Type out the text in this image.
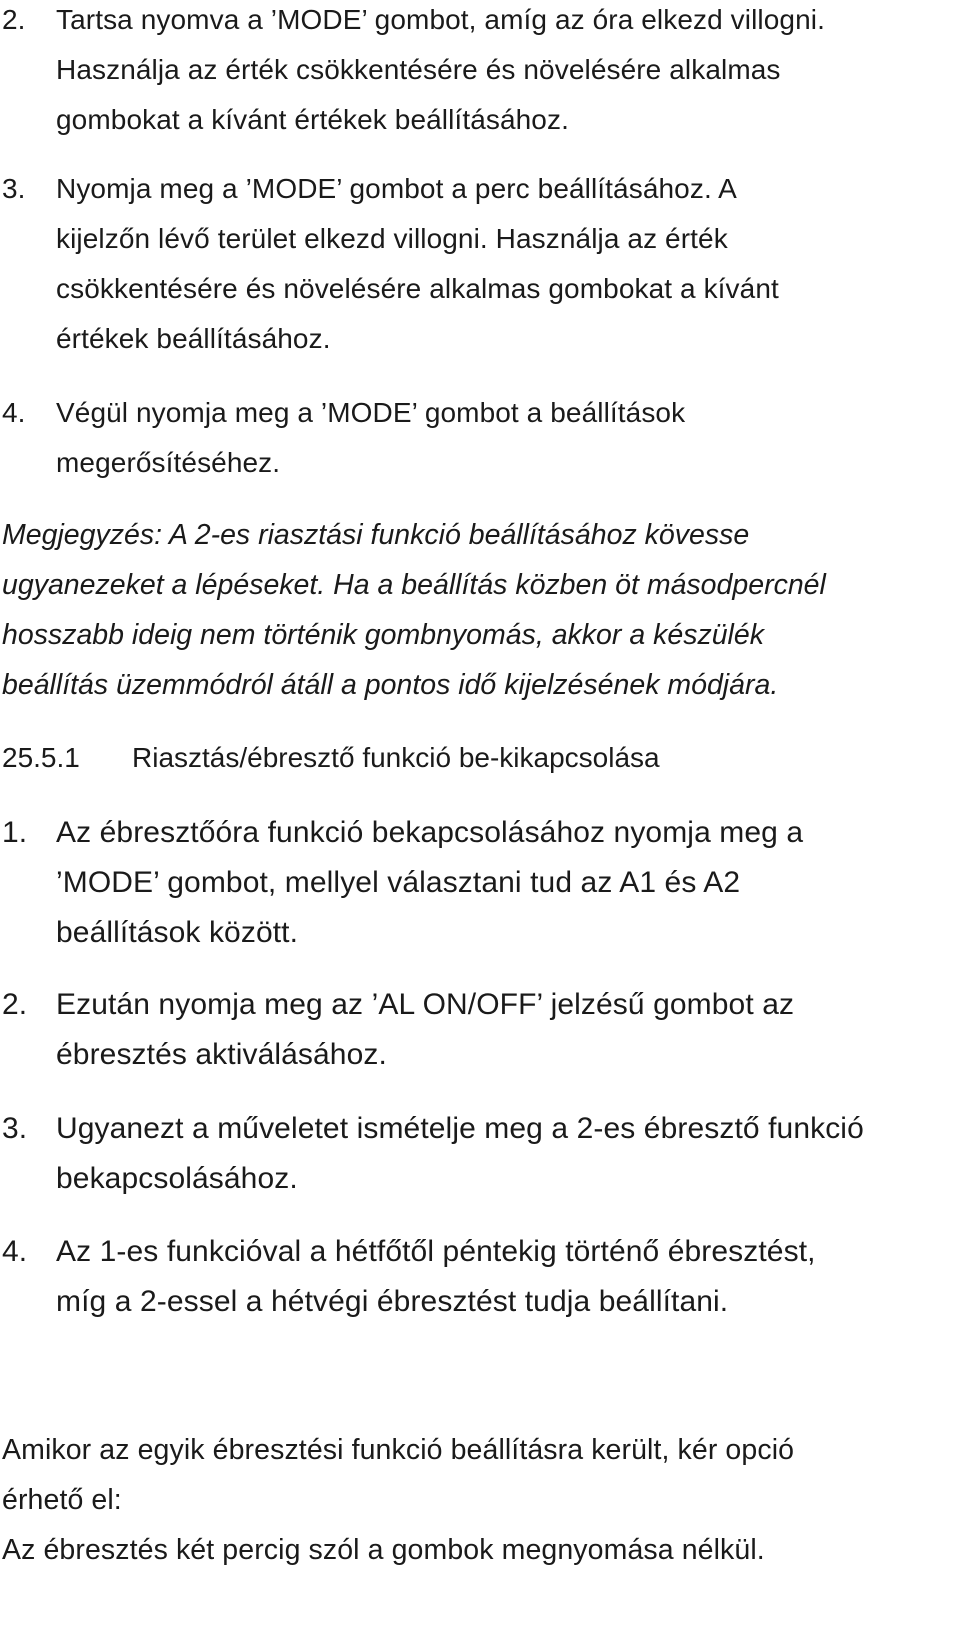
2. Tartsa nyomva a ’MODE’ gombot, amíg az óra elkezd villogni.
Használja az érték csökkentésére és növelésére alkalmas
gombokat a kívánt értékek beállításához.
3. Nyomja meg a ’MODE’ gombot a perc beállításához. A
kijelzőn lévő terület elkezd villogni. Használja az érték
csökkentésére és növelésére alkalmas gombokat a kívánt
értékek beállításához.
4. Végül nyomja meg a ’MODE’ gombot a beállítások
megerősítéséhez.
Megjegyzés: A 2-es riasztási funkció beállításához kövesse
ugyanezeket a lépéseket. Ha a beállítás közben öt másodpercnél
hosszabb ideig nem történik gombnyomás, akkor a készülék
beállítás üzemmódról átáll a pontos idő kijelzésének módjára.
25.5.1 Riasztás/ébresztő funkció be-kikapcsolása
1. Az ébresztőóra funkció bekapcsolásához nyomja meg a
’MODE’ gombot, mellyel választani tud az A1 és A2
beállítások között.
2. Ezután nyomja meg az ’AL ON/OFF’ jelzésű gombot az
ébresztés aktiválásához.
3. Ugyanezt a műveletet ismételje meg a 2-es ébresztő funkció
bekapcsolásához.
4. Az 1-es funkcióval a hétfőtől péntekig történő ébresztést,
míg a 2-essel a hétvégi ébresztést tudja beállítani.
Amikor az egyik ébresztési funkció beállításra került, kér opció
érhető el:
Az ébresztés két percig szól a gombok megnyomása nélkül.
